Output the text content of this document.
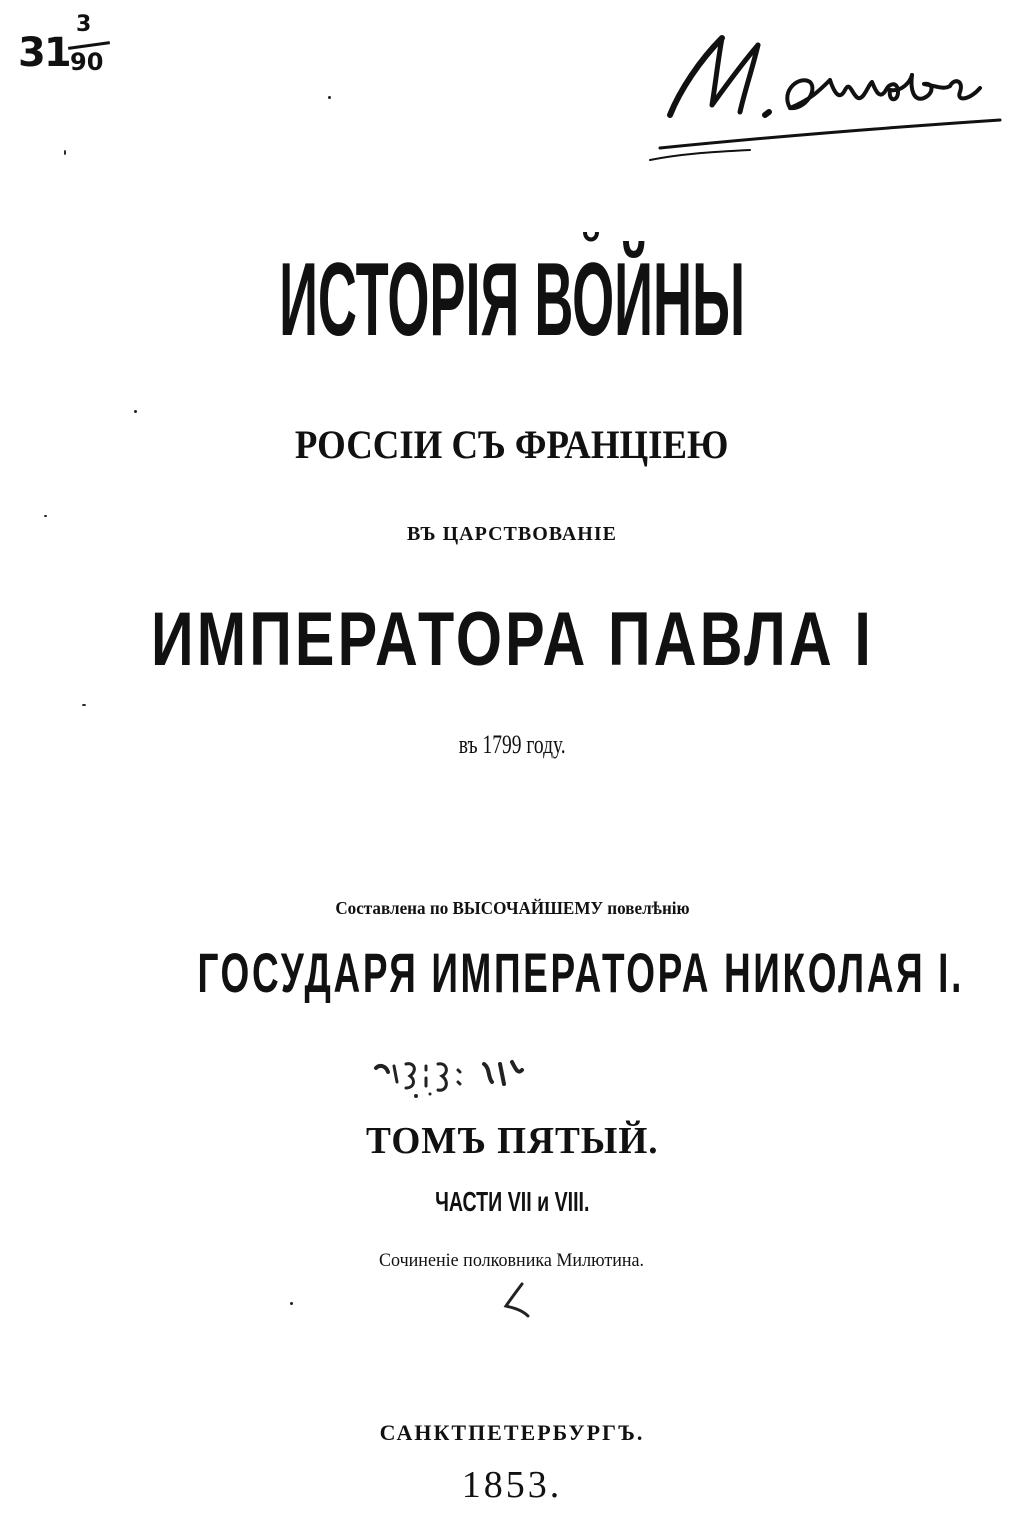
31
3
90
ИСТОРІЯ ВОЙНЫ
РОССІИ СЪ ФРАНЦІЕЮ
ВЪ ЦАРСТВОВАНІЕ
ИМПЕРАТОРА ПАВЛА I
въ 1799 году.
Составлена по ВЫСОЧАЙШЕМУ повелѣнію
ГОСУДАРЯ ИМПЕРАТОРА НИКОЛАЯ I.
ТОМЪ ПЯТЫЙ.
ЧАСТИ VII и VIII.
Сочиненіе полковника Милютина.
САНКТПЕТЕРБУРГЪ.
1853.
